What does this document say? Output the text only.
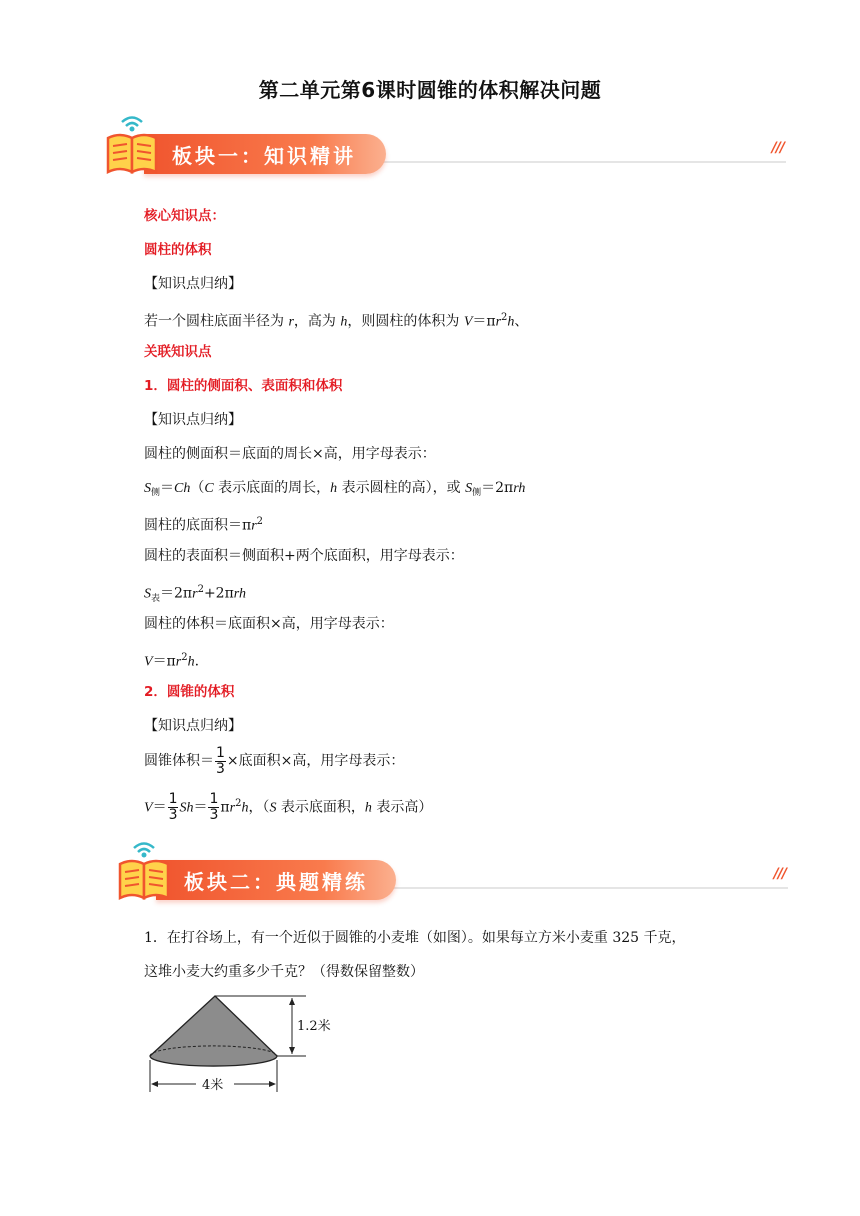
第二单元第6课时圆锥的体积解决问题
板块一：知识精讲	///
核心知识点：
圆柱的体积
【知识点归纳】
若一个圆柱底面半径为 r，高为 h，则圆柱的体积为 $V=\pi r^2h$、
关联知识点
1．圆柱的侧面积、表面积和体积
【知识点归纳】
圆柱的侧面积＝底面的周长×高，用字母表示：
$S_侧=Ch(C$ 表示底面的周长，h 表示圆柱的高），或 $S_侧=2\pi rh$
圆柱的底面积$=\pi r^2$
圆柱的表面积＝侧面积+两个底面积，用字母表示：
$S_表=2\pi r^2+2\pi rh$
圆柱的体积＝底面积×高，用字母表示：
$V=\pi r^2h$.
2．圆锥的体积
【知识点归纳】
圆锥体积＝ $\frac{1}{3}$ ×底面积×高，用字母表示：
$V= \frac{1}{3} Sh= \frac{1}{3} \pi r^2h$，（S 表示底面积，h 表示高）
板块二：典题精练	///
1．在打谷场上，有一个近似于圆锥的小麦堆（如图）。如果每立方米小麦重 325 千克，
这堆小麦大约重多少千克？（得数保留整数）
1.2米
4米
